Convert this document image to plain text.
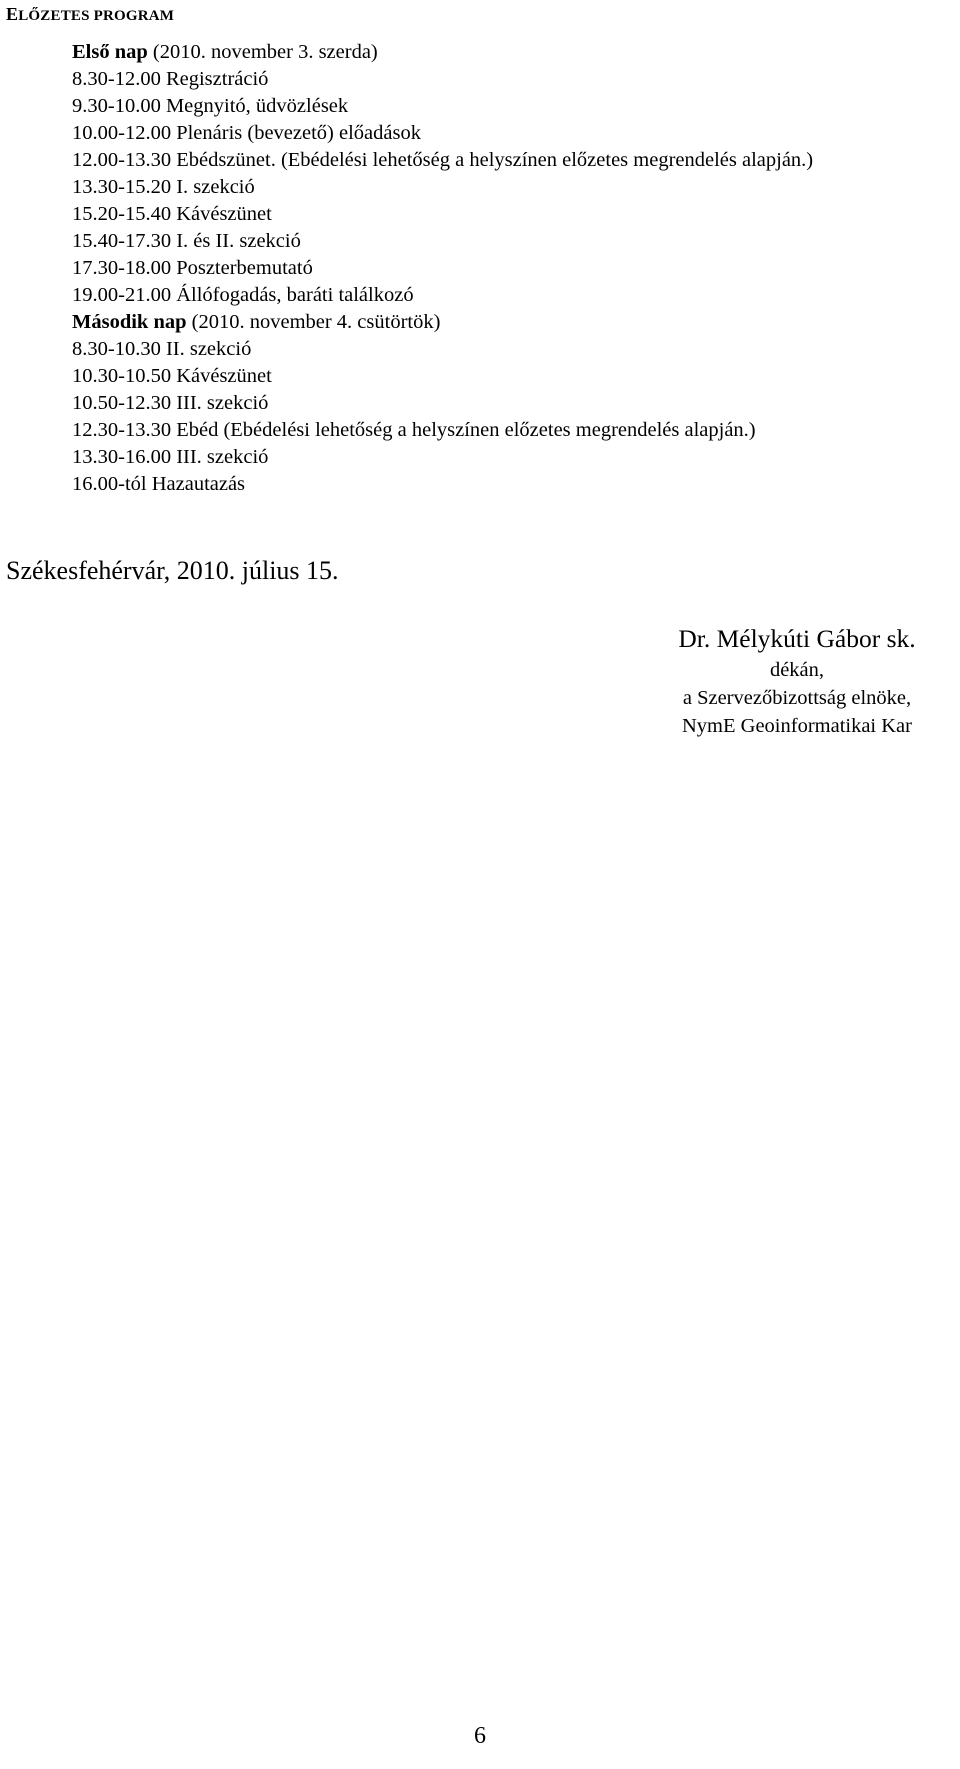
ELŐZETES PROGRAM
Első nap (2010. november 3. szerda)
8.30-12.00 Regisztráció
9.30-10.00 Megnyitó, üdvözlések
10.00-12.00 Plenáris (bevezető) előadások
12.00-13.30 Ebédszünet. (Ebédelési lehetőség a helyszínen előzetes megrendelés alapján.)
13.30-15.20 I. szekció
15.20-15.40 Kávészünet
15.40-17.30 I. és II. szekció
17.30-18.00 Poszterbemutató
19.00-21.00 Állófogadás, baráti találkozó
Második nap (2010. november 4. csütörtök)
8.30-10.30 II. szekció
10.30-10.50 Kávészünet
10.50-12.30 III. szekció
12.30-13.30 Ebéd (Ebédelési lehetőség a helyszínen előzetes megrendelés alapján.)
13.30-16.00 III. szekció
16.00-tól Hazautazás
Székesfehérvár, 2010. július 15.
Dr. Mélykúti Gábor sk.
dékán,
a Szervezőbizottság elnöke,
NymE Geoinformatikai Kar
6
